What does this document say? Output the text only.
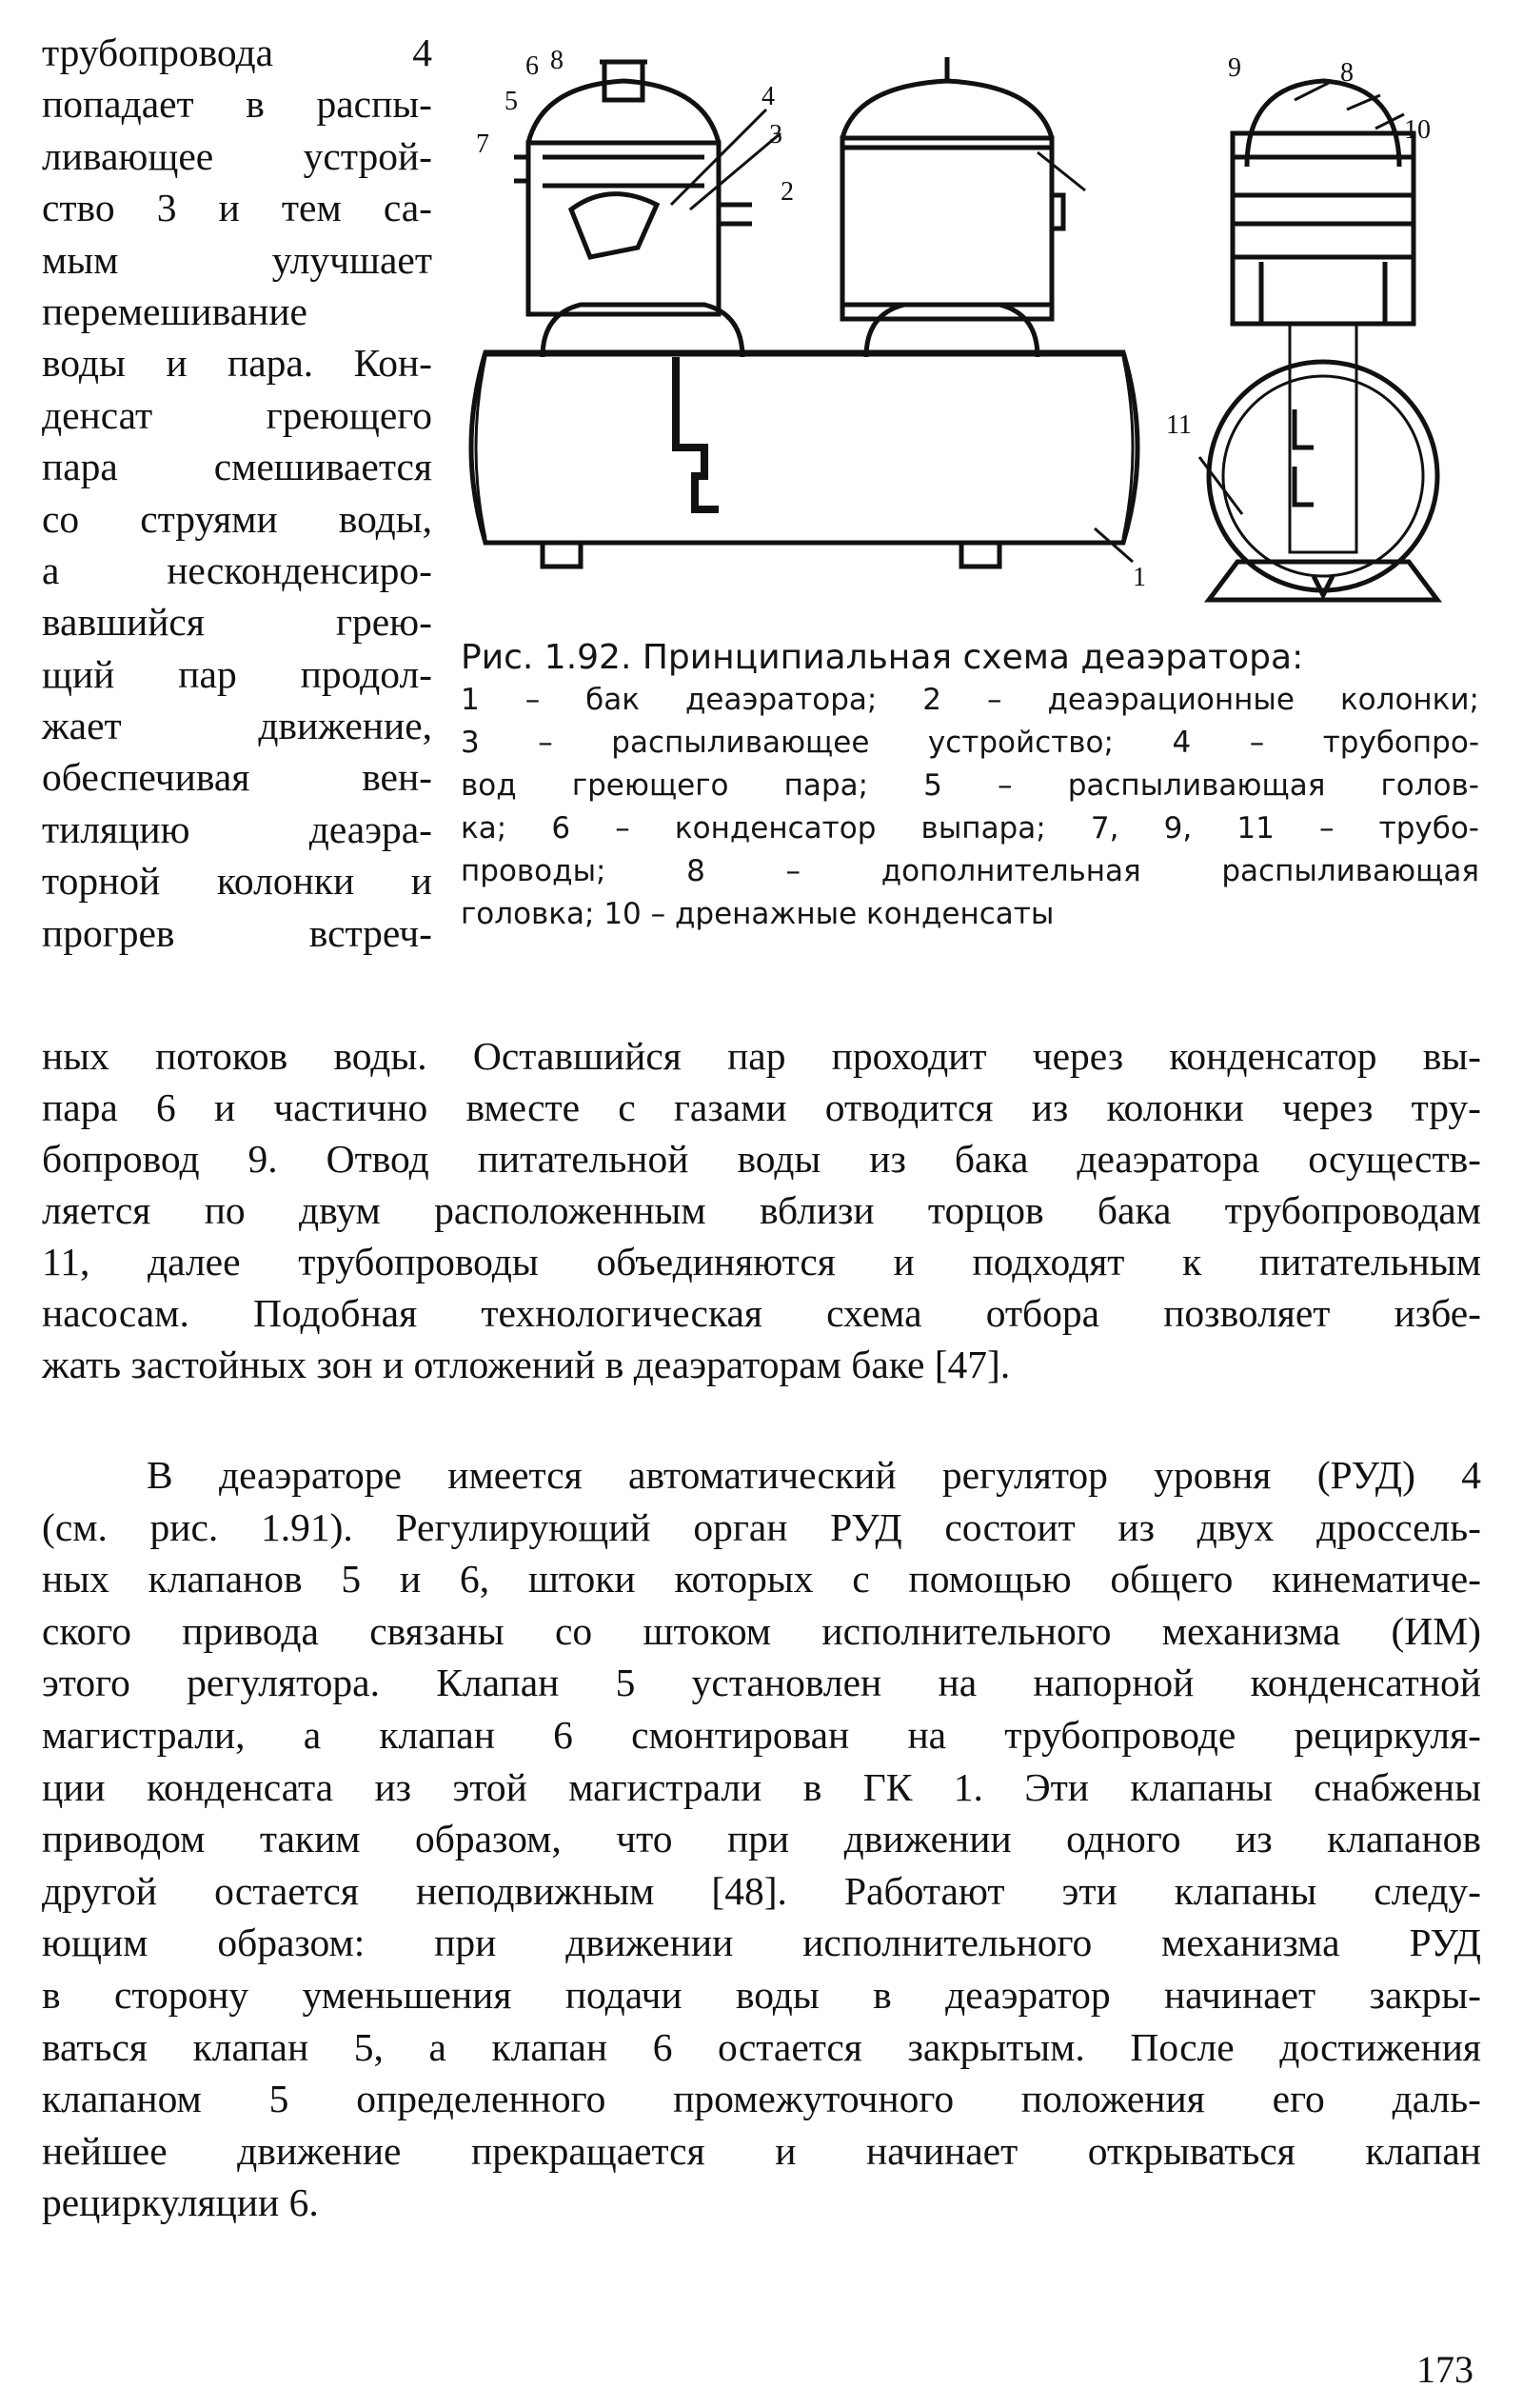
трубопровода 4
попадает в распы-
ливающее устрой-
ство 3 и тем са-
мым улучшает
перемешивание
воды и пара. Кон-
денсат греющего
пара смешивается
со струями воды,
а несконденсиро-
вавшийся грею-
щий пар продол-
жает движение,
обеспечивая вен-
тиляцию деаэра-
торной колонки и
прогрев встреч-
6 8
5
7
4
3
2
1
9	8
10
11
Рис. 1.92. Принципиальная схема деаэратора:
1 – бак деаэратора; 2 – деаэрационные колонки;
3 – распыливающее устройство; 4 – трубопро-
вод греющего пара; 5 – распыливающая голов-
ка; 6 – конденсатор выпара; 7, 9, 11 – трубо-
проводы; 8 – дополнительная распыливающая
головка; 10 – дренажные конденсаты
ных потоков воды. Оставшийся пар проходит через конденсатор вы-
пара 6 и частично вместе с газами отводится из колонки через тру-
бопровод 9. Отвод питательной воды из бака деаэратора осуществ-
ляется по двум расположенным вблизи торцов бака трубопроводам
11, далее трубопроводы объединяются и подходят к питательным
насосам. Подобная технологическая схема отбора позволяет избе-
жать застойных зон и отложений в деаэраторам баке [47].
В деаэраторе имеется автоматический регулятор уровня (РУД) 4
(см. рис. 1.91). Регулирующий орган РУД состоит из двух дроссель-
ных клапанов 5 и 6, штоки которых с помощью общего кинематиче-
ского привода связаны со штоком исполнительного механизма (ИМ)
этого регулятора. Клапан 5 установлен на напорной конденсатной
магистрали, а клапан 6 смонтирован на трубопроводе рециркуля-
ции конденсата из этой магистрали в ГК 1. Эти клапаны снабжены
приводом таким образом, что при движении одного из клапанов
другой остается неподвижным [48]. Работают эти клапаны следу-
ющим образом: при движении исполнительного механизма РУД
в сторону уменьшения подачи воды в деаэратор начинает закры-
ваться клапан 5, а клапан 6 остается закрытым. После достижения
клапаном 5 определенного промежуточного положения его даль-
нейшее движение прекращается и начинает открываться клапан
рециркуляции 6.
173
